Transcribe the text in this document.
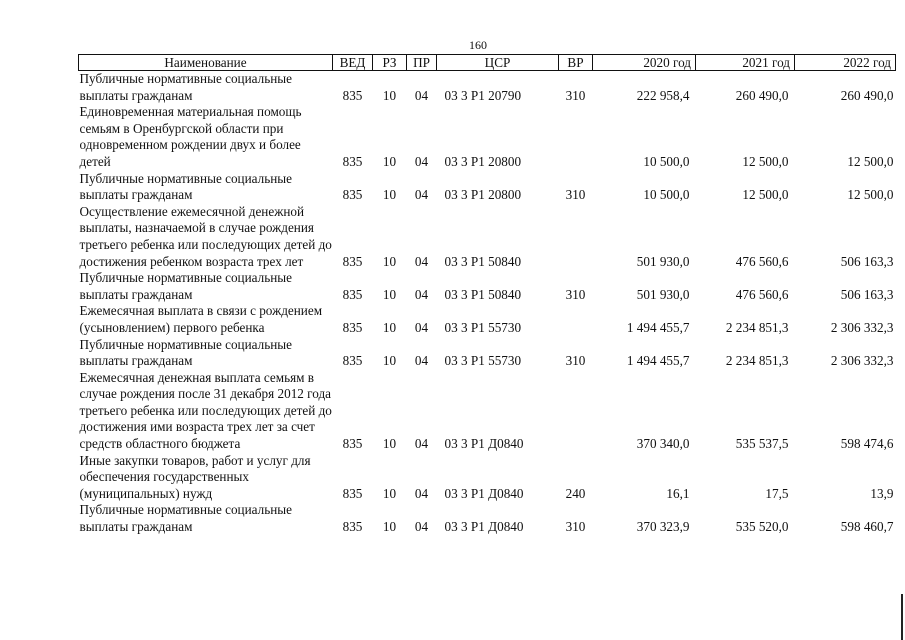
160
Наименование	ВЕД	РЗ	ПР	ЦСР	ВР	2020 год	2021 год	2022 год
Публичные нормативные социальные выплаты гражданам	835	10	04	03 3 Р1 20790	310	222 958,4	260 490,0	260 490,0
Единовременная материальная помощь семьям в Оренбургской области при одновременном рождении двух и более детей	835	10	04	03 3 Р1 20800		10 500,0	12 500,0	12 500,0
Публичные нормативные социальные выплаты гражданам	835	10	04	03 3 Р1 20800	310	10 500,0	12 500,0	12 500,0
Осуществление ежемесячной денежной выплаты, назначаемой в случае рождения третьего ребенка или последующих детей до достижения ребенком возраста трех лет	835	10	04	03 3 Р1 50840		501 930,0	476 560,6	506 163,3
Публичные нормативные социальные выплаты гражданам	835	10	04	03 3 Р1 50840	310	501 930,0	476 560,6	506 163,3
Ежемесячная выплата в связи с рождением (усыновлением) первого ребенка	835	10	04	03 3 Р1 55730		1 494 455,7	2 234 851,3	2 306 332,3
Публичные нормативные социальные выплаты гражданам	835	10	04	03 3 Р1 55730	310	1 494 455,7	2 234 851,3	2 306 332,3
Ежемесячная денежная выплата семьям в случае рождения после 31 декабря 2012 года третьего ребенка или последующих детей до достижения ими возраста трех лет за счет средств областного бюджета	835	10	04	03 3 Р1 Д0840		370 340,0	535 537,5	598 474,6
Иные закупки товаров, работ и услуг для обеспечения государственных (муниципальных) нужд	835	10	04	03 3 Р1 Д0840	240	16,1	17,5	13,9
Публичные нормативные социальные выплаты гражданам	835	10	04	03 3 Р1 Д0840	310	370 323,9	535 520,0	598 460,7
